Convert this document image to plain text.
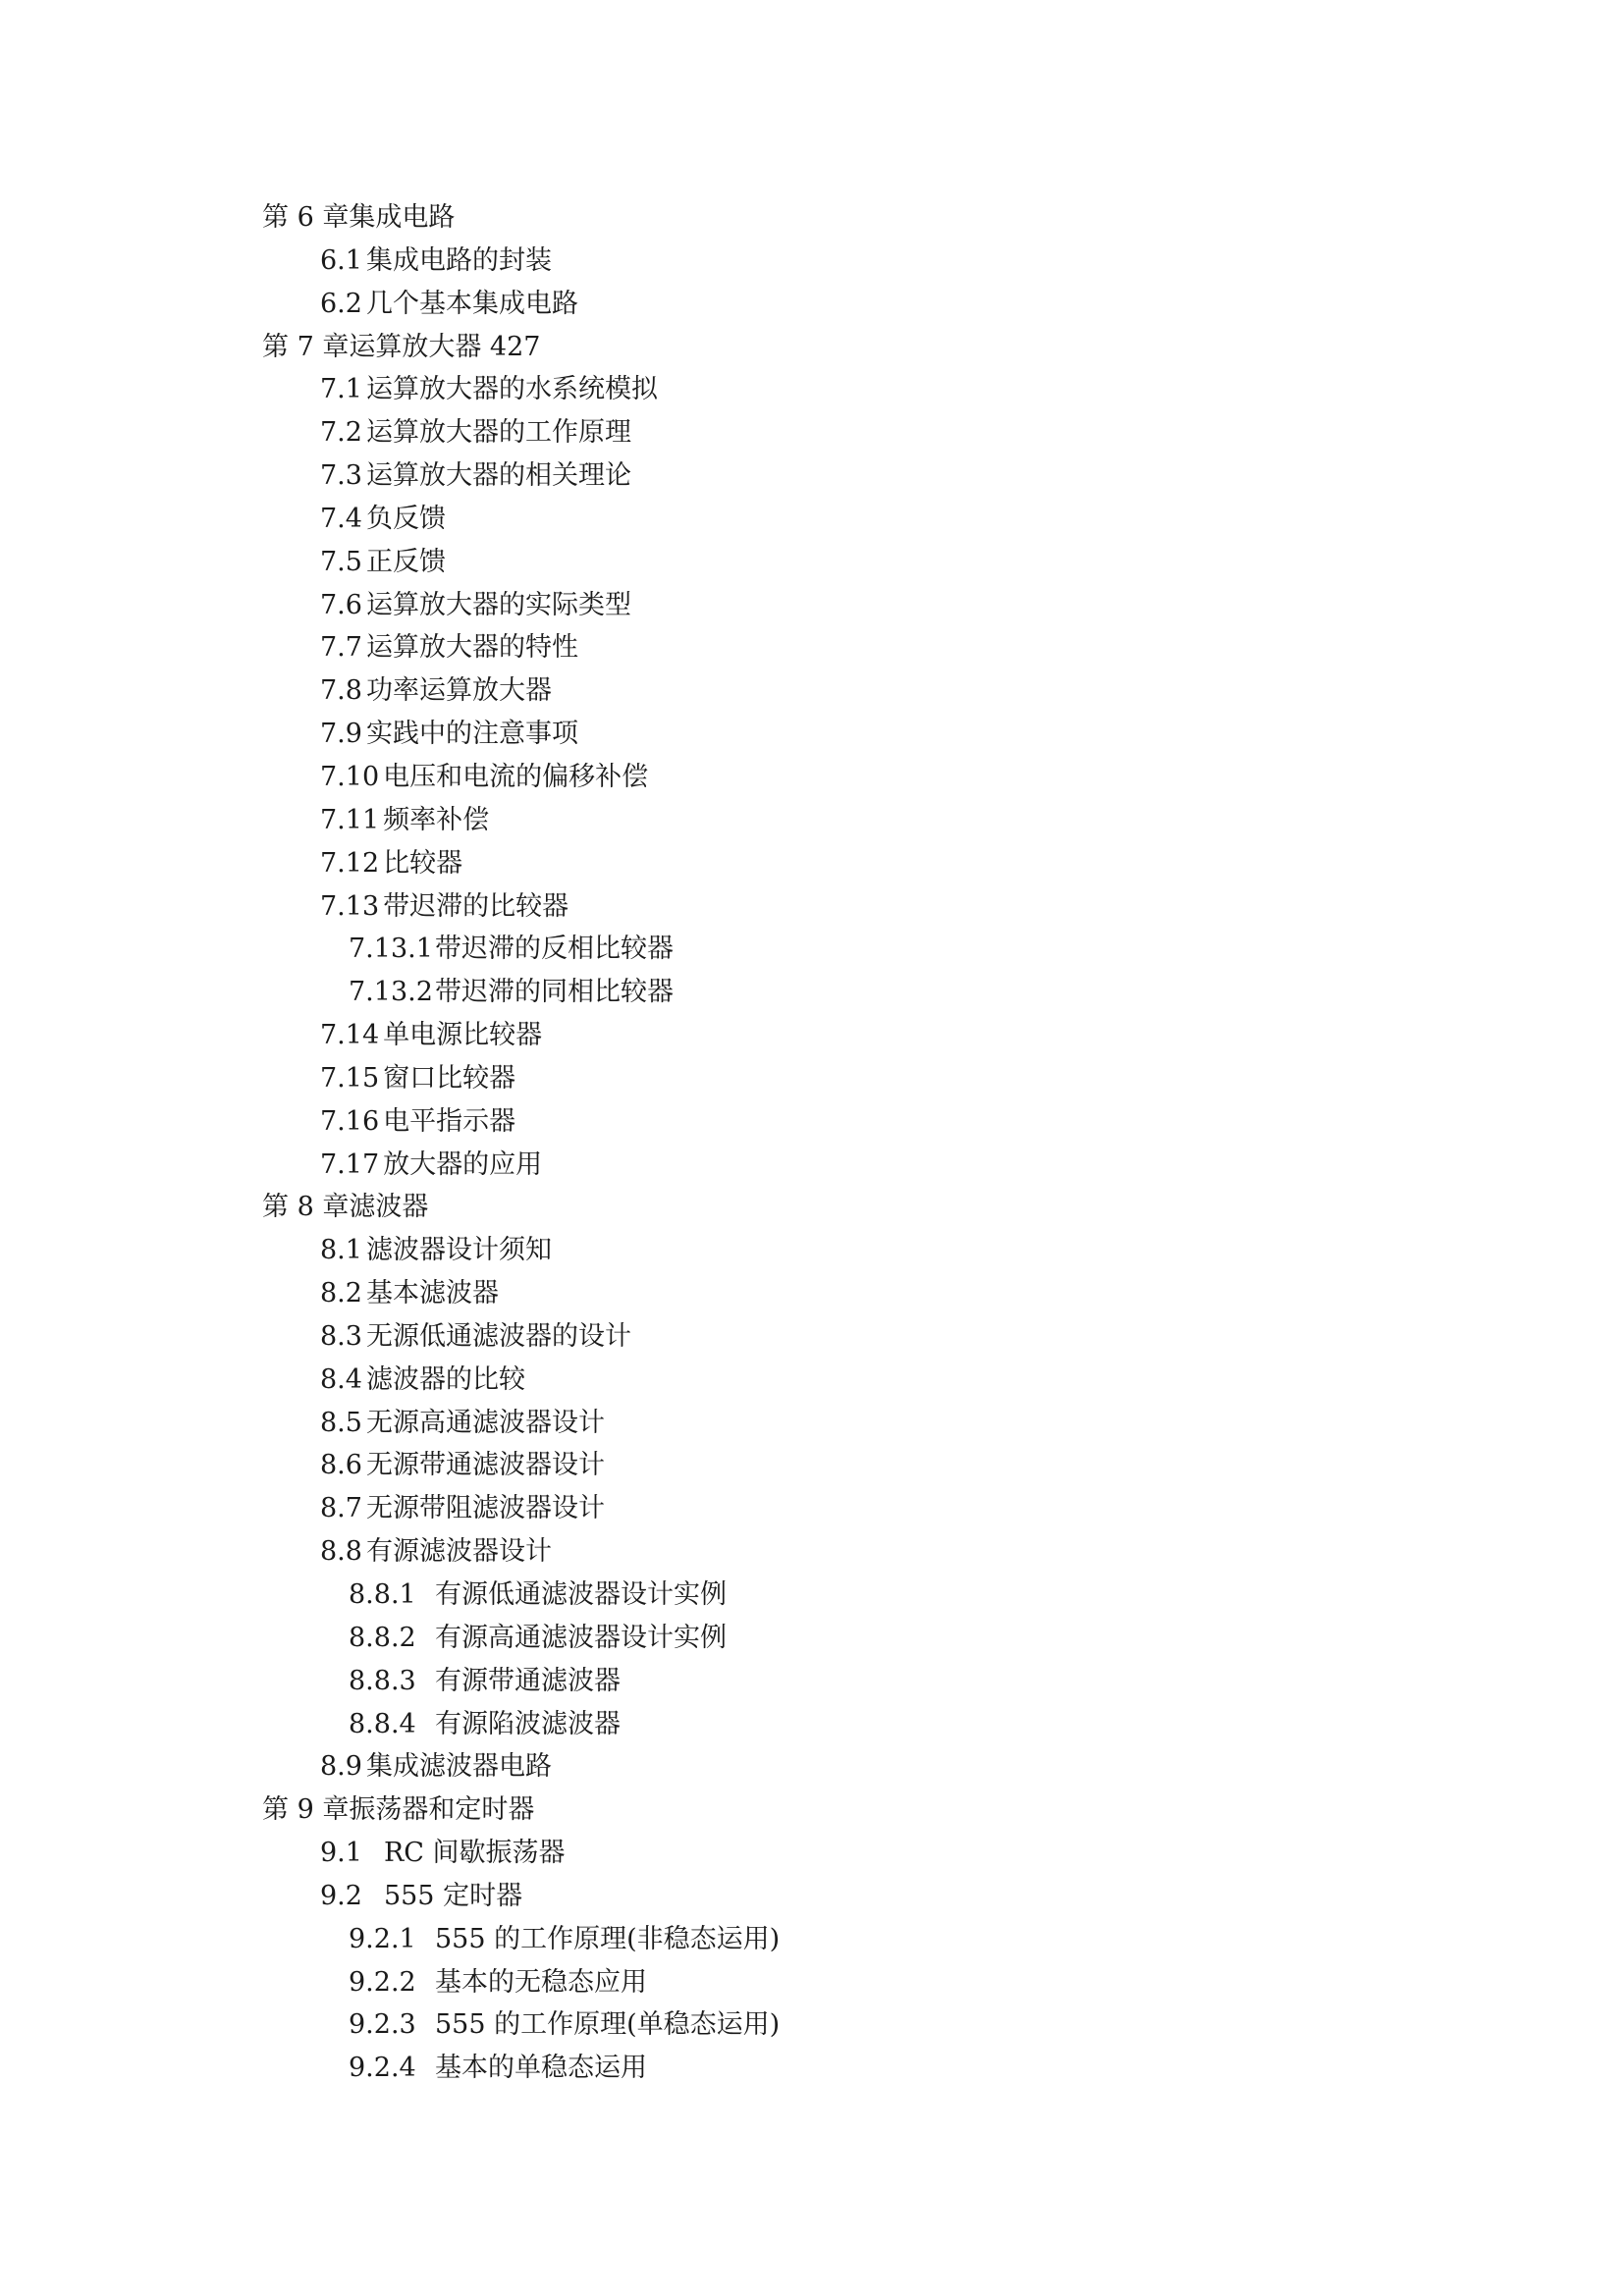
第 6 章集成电路
6.1 集成电路的封装
6.2 几个基本集成电路
第 7 章运算放大器 427
7.1 运算放大器的水系统模拟
7.2 运算放大器的工作原理
7.3 运算放大器的相关理论
7.4 负反馈
7.5 正反馈
7.6 运算放大器的实际类型
7.7 运算放大器的特性
7.8 功率运算放大器
7.9 实践中的注意事项
7.10 电压和电流的偏移补偿
7.11 频率补偿
7.12 比较器
7.13 带迟滞的比较器
7.13.1带迟滞的反相比较器
7.13.2带迟滞的同相比较器
7.14 单电源比较器
7.15 窗口比较器
7.16 电平指示器
7.17 放大器的应用
第 8 章滤波器
8.1 滤波器设计须知
8.2 基本滤波器
8.3 无源低通滤波器的设计
8.4 滤波器的比较
8.5 无源高通滤波器设计
8.6 无源带通滤波器设计
8.7 无源带阻滤波器设计
8.8 有源滤波器设计
8.8.1 有源低通滤波器设计实例
8.8.2 有源高通滤波器设计实例
8.8.3 有源带通滤波器
8.8.4 有源陷波滤波器
8.9 集成滤波器电路
第 9 章振荡器和定时器
9.1 RC 间歇振荡器
9.2 555 定时器
9.2.1 555 的工作原理(非稳态运用)
9.2.2 基本的无稳态应用
9.2.3 555 的工作原理(单稳态运用)
9.2.4 基本的单稳态运用
